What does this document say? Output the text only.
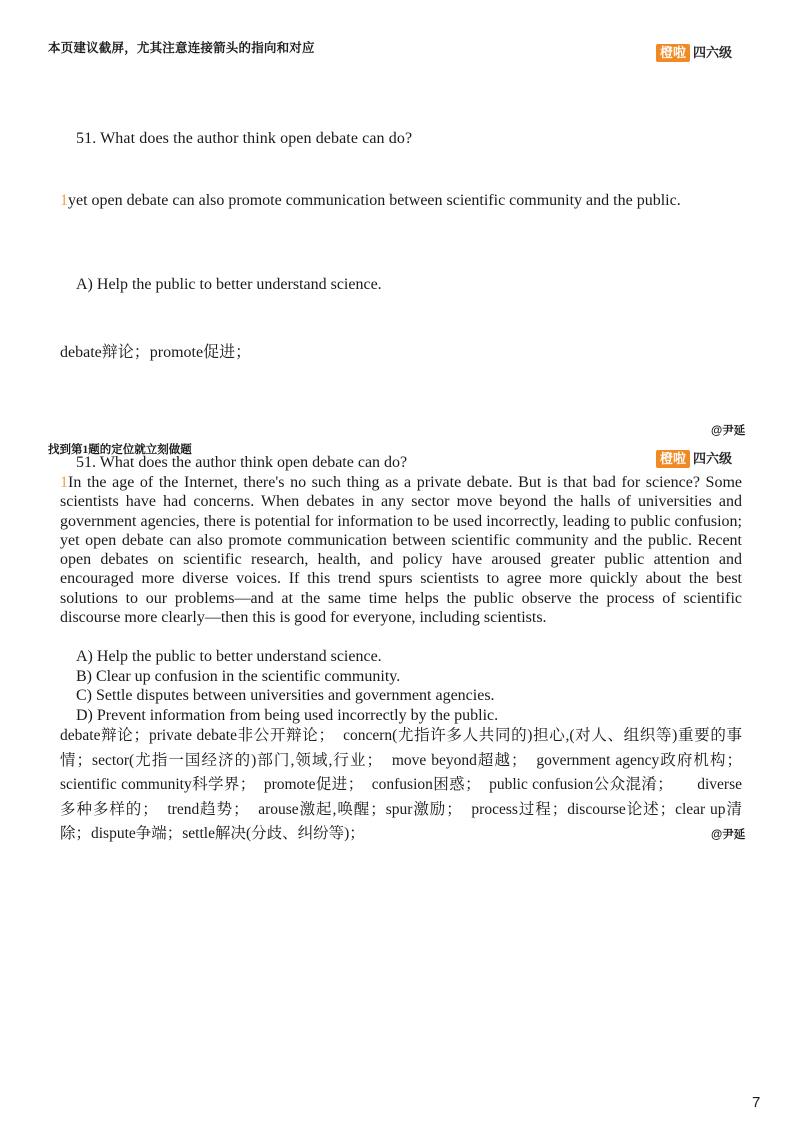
本页建议截屏，尤其注意连接箭头的指向和对应	橙啦 四六级
51. What does the author think open debate can do?
1yet open debate can also promote communication between scientific community and the public.
A) Help the public to better understand science.
debate辩论；promote促进；
@尹延
找到第1题的定位就立刻做题
橙啦 四六级
51. What does the author think open debate can do?
1In the age of the Internet, there's no such thing as a private debate. But is that bad for science? Some scientists have had concerns. When debates in any sector move beyond the halls of universities and government agencies, there is potential for information to be used incorrectly, leading to public confusion; yet open debate can also promote communication between scientific community and the public. Recent open debates on scientific research, health, and policy have aroused greater public attention and encouraged more diverse voices. If this trend spurs scientists to agree more quickly about the best solutions to our problems—and at the same time helps the public observe the process of scientific discourse more clearly—then this is good for everyone, including scientists.
A) Help the public to better understand science.
B) Clear up confusion in the scientific community.
C) Settle disputes between universities and government agencies.
D) Prevent information from being used incorrectly by the public.
debate辩论；private debate非公开辩论；　concern(尤指许多人共同的)担心,(对人、组织等)重要的事情；sector(尤指一国经济的)部门,领域,行业；　move beyond超越；　government agency政府机构；scientific community科学界；　promote促进；　confusion困惑；　public confusion公众混淆；　　diverse多种多样的；　trend趋势；　arouse激起,唤醒；spur激励；　process过程；discourse论述；clear up清除；dispute争端；settle解决(分歧、纠纷等)；	@尹延
7
